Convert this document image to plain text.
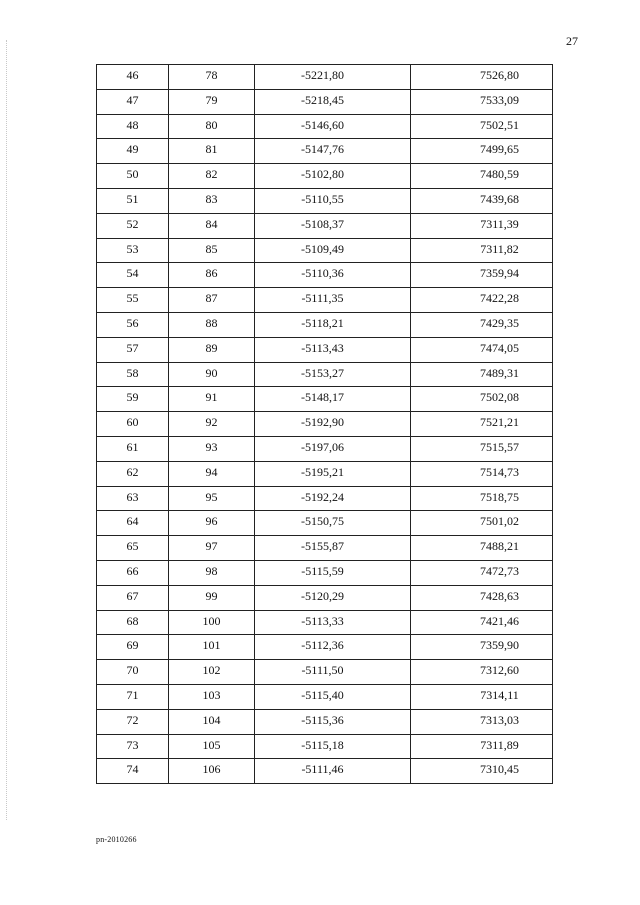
27
46	78	-5221,80	7526,80
47	79	-5218,45	7533,09
48	80	-5146,60	7502,51
49	81	-5147,76	7499,65
50	82	-5102,80	7480,59
51	83	-5110,55	7439,68
52	84	-5108,37	7311,39
53	85	-5109,49	7311,82
54	86	-5110,36	7359,94
55	87	-5111,35	7422,28
56	88	-5118,21	7429,35
57	89	-5113,43	7474,05
58	90	-5153,27	7489,31
59	91	-5148,17	7502,08
60	92	-5192,90	7521,21
61	93	-5197,06	7515,57
62	94	-5195,21	7514,73
63	95	-5192,24	7518,75
64	96	-5150,75	7501,02
65	97	-5155,87	7488,21
66	98	-5115,59	7472,73
67	99	-5120,29	7428,63
68	100	-5113,33	7421,46
69	101	-5112,36	7359,90
70	102	-5111,50	7312,60
71	103	-5115,40	7314,11
72	104	-5115,36	7313,03
73	105	-5115,18	7311,89
74	106	-5111,46	7310,45
pn-2010266
